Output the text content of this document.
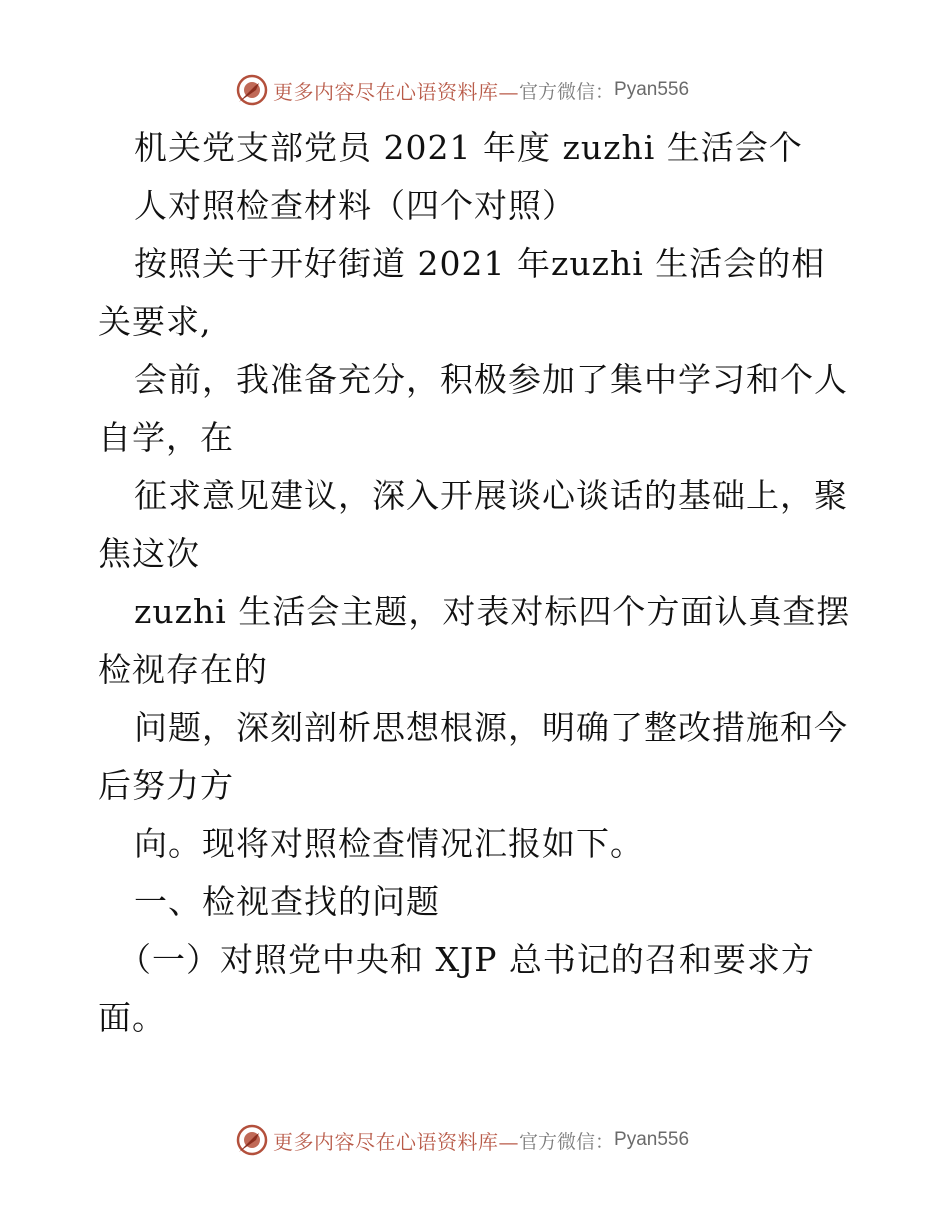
更多内容尽在心语资料库— 官方微信： Pyan556
机关党支部党员 2021 年度 zuzhi 生活会个
人对照检查材料（四个对照）
按照关于开好街道 2021 年zuzhi 生活会的相
关要求,
会前，我准备充分，积极参加了集中学习和个人
自学，在
征求意见建议，深入开展谈心谈话的基础上，聚
焦这次
zuzhi 生活会主题，对表对标四个方面认真查摆
检视存在的
问题，深刻剖析思想根源，明确了整改措施和今
后努力方
向。现将对照检查情况汇报如下。
一、检视查找的问题
（一）对照党中央和 XJP 总书记的召和要求方
面。
更多内容尽在心语资料库— 官方微信： Pyan556
